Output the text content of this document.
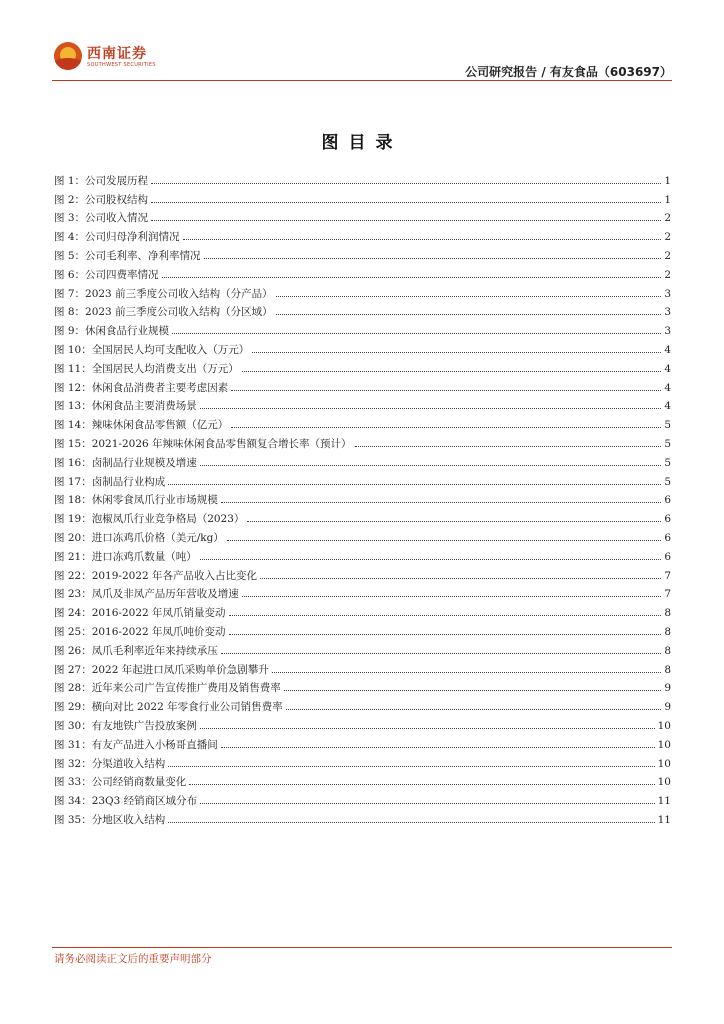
西南证券
SOUTHWEST SECURITIES	公司研究报告 / 有友食品（603697）
图目录
图 1：公司发展历程	1
图 2：公司股权结构	1
图 3：公司收入情况	2
图 4：公司归母净利润情况	2
图 5：公司毛利率、净利率情况	2
图 6：公司四费率情况	2
图 7：2023 前三季度公司收入结构（分产品）	3
图 8：2023 前三季度公司收入结构（分区域）	3
图 9：休闲食品行业规模	3
图 10：全国居民人均可支配收入（万元）	4
图 11：全国居民人均消费支出（万元）	4
图 12：休闲食品消费者主要考虑因素	4
图 13：休闲食品主要消费场景	4
图 14：辣味休闲食品零售额（亿元）	5
图 15：2021-2026 年辣味休闲食品零售额复合增长率（预计）	5
图 16：卤制品行业规模及增速	5
图 17：卤制品行业构成	5
图 18：休闲零食凤爪行业市场规模	6
图 19：泡椒凤爪行业竞争格局（2023）	6
图 20：进口冻鸡爪价格（美元/kg）	6
图 21：进口冻鸡爪数量（吨）	6
图 22：2019-2022 年各产品收入占比变化	7
图 23：凤爪及非凤产品历年营收及增速	7
图 24：2016-2022 年凤爪销量变动	8
图 25：2016-2022 年凤爪吨价变动	8
图 26：凤爪毛利率近年来持续承压	8
图 27：2022 年起进口凤爪采购单价急剧攀升	8
图 28：近年来公司广告宣传推广费用及销售费率	9
图 29：横向对比 2022 年零食行业公司销售费率	9
图 30：有友地铁广告投放案例	10
图 31：有友产品进入小杨哥直播间	10
图 32：分渠道收入结构	10
图 33：公司经销商数量变化	10
图 34：23Q3 经销商区域分布	11
图 35：分地区收入结构	11
请务必阅读正文后的重要声明部分
